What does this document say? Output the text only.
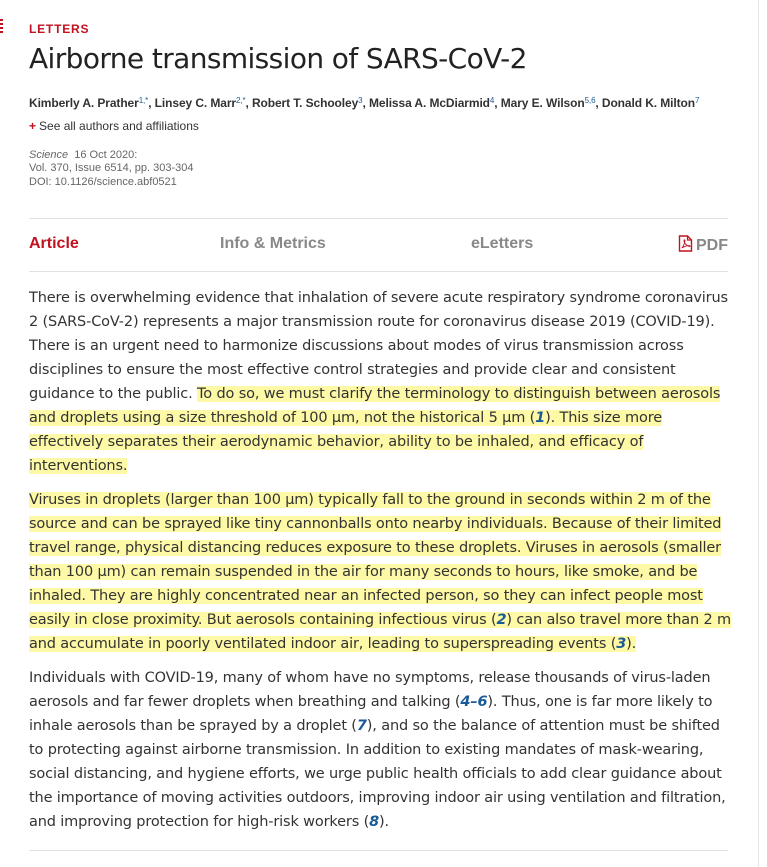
LETTERS
Airborne transmission of SARS-CoV-2
Kimberly A. Prather$^{1,*}$, Linsey C. Marr$^{2,*}$, Robert T. Schooley$^3$, Melissa A. McDiarmid$^4$, Mary E. Wilson$^{5,6}$, Donald K. Milton$^7$
+ See all authors and affiliations
Science 16 Oct 2020:
Vol. 370, Issue 6514, pp. 303-304
DOI: 10.1126/science.abf0521
Article	Info & Metrics	eLetters	PDF

There is overwhelming evidence that inhalation of severe acute respiratory syndrome coronavirus 2 (SARS-CoV-2) represents a major transmission route for coronavirus disease 2019 (COVID-19). There is an urgent need to harmonize discussions about modes of virus transmission across disciplines to ensure the most effective control strategies and provide clear and consistent guidance to the public. To do so, we must clarify the terminology to distinguish between aerosols and droplets using a size threshold of 100 μm, not the historical 5 μm (1). This size more effectively separates their aerodynamic behavior, ability to be inhaled, and efficacy of interventions.

Viruses in droplets (larger than 100 μm) typically fall to the ground in seconds within 2 m of the source and can be sprayed like tiny cannonballs onto nearby individuals. Because of their limited travel range, physical distancing reduces exposure to these droplets. Viruses in aerosols (smaller than 100 μm) can remain suspended in the air for many seconds to hours, like smoke, and be inhaled. They are highly concentrated near an infected person, so they can infect people most easily in close proximity. But aerosols containing infectious virus (2) can also travel more than 2 m and accumulate in poorly ventilated indoor air, leading to superspreading events (3).

Individuals with COVID-19, many of whom have no symptoms, release thousands of virus-laden aerosols and far fewer droplets when breathing and talking (4–6). Thus, one is far more likely to inhale aerosols than be sprayed by a droplet (7), and so the balance of attention must be shifted to protecting against airborne transmission. In addition to existing mandates of mask-wearing, social distancing, and hygiene efforts, we urge public health officials to add clear guidance about the importance of moving activities outdoors, improving indoor air using ventilation and filtration, and improving protection for high-risk workers (8).
